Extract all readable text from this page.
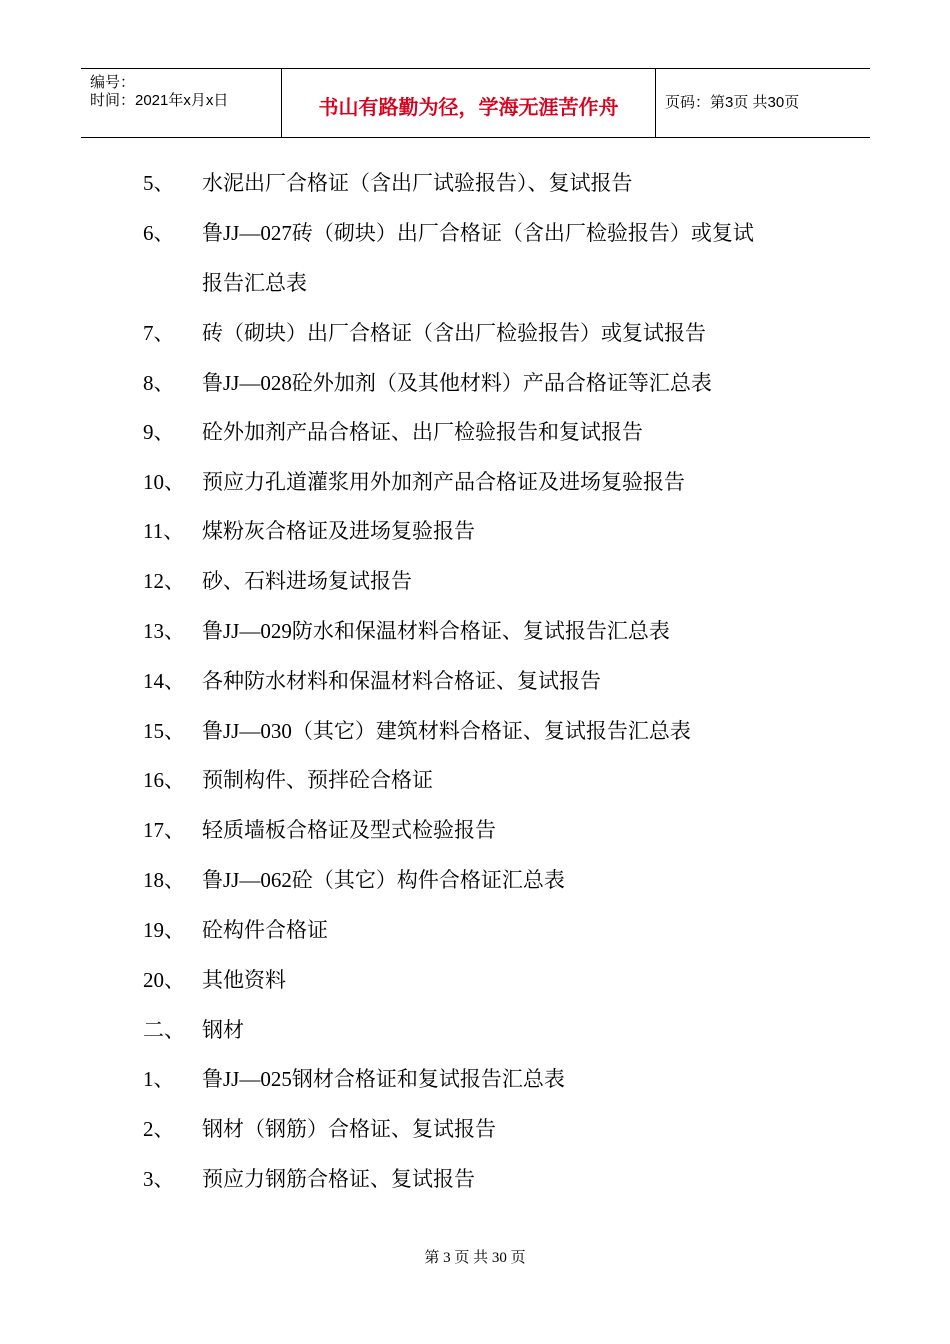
编号：
时间：2021年x月x日	书山有路勤为径，学海无涯苦作舟	页码：第3页 共30页
5、 水泥出厂合格证（含出厂试验报告）、复试报告
6、 鲁JJ—027砖（砌块）出厂合格证（含出厂检验报告）或复试
报告汇总表
7、 砖（砌块）出厂合格证（含出厂检验报告）或复试报告
8、 鲁JJ—028砼外加剂（及其他材料）产品合格证等汇总表
9、 砼外加剂产品合格证、出厂检验报告和复试报告
10、 预应力孔道灌浆用外加剂产品合格证及进场复验报告
11、 煤粉灰合格证及进场复验报告
12、 砂、石料进场复试报告
13、 鲁JJ—029防水和保温材料合格证、复试报告汇总表
14、 各种防水材料和保温材料合格证、复试报告
15、 鲁JJ—030（其它）建筑材料合格证、复试报告汇总表
16、 预制构件、预拌砼合格证
17、 轻质墙板合格证及型式检验报告
18、 鲁JJ—062砼（其它）构件合格证汇总表
19、 砼构件合格证
20、 其他资料
二、 钢材
1、 鲁JJ—025钢材合格证和复试报告汇总表
2、 钢材（钢筋）合格证、复试报告
3、 预应力钢筋合格证、复试报告
第 3 页 共 30 页
